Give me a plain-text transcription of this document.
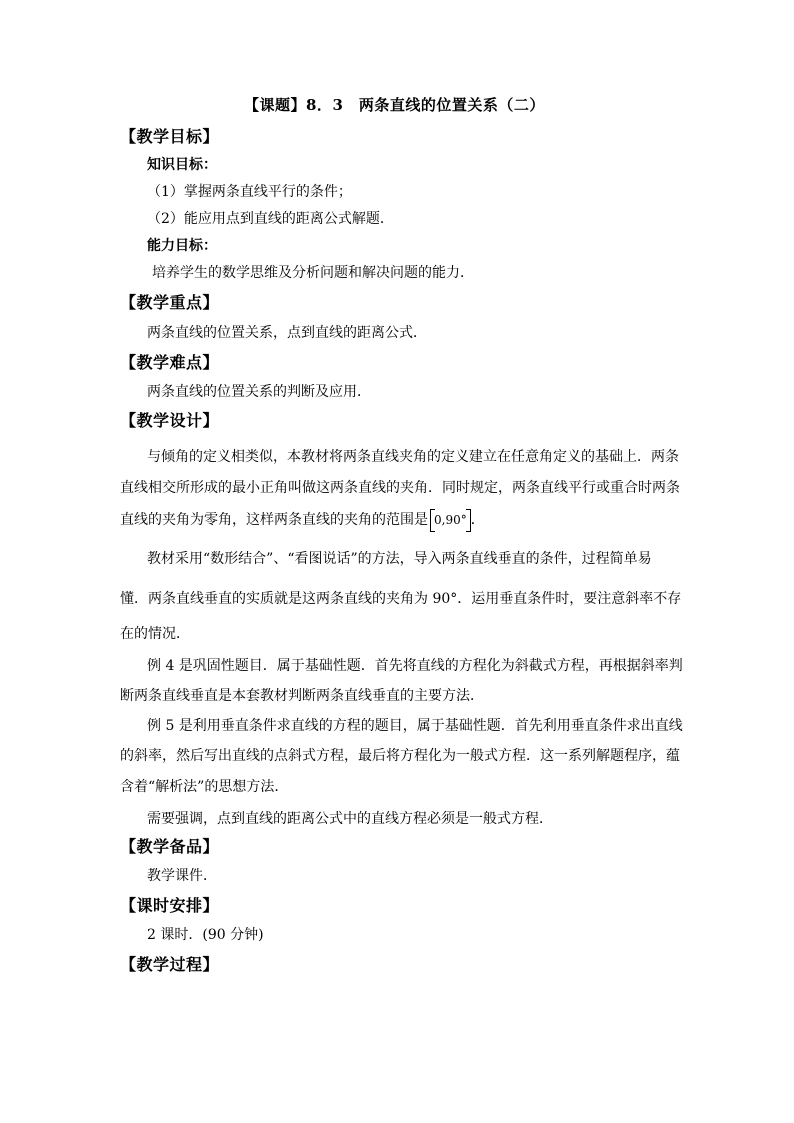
【课题】8．3　两条直线的位置关系（二）
【教学目标】
知识目标：
（1）掌握两条直线平行的条件；
（2）能应用点到直线的距离公式解题．
能力目标：
培养学生的数学思维及分析问题和解决问题的能力．
【教学重点】
两条直线的位置关系，点到直线的距离公式．
【教学难点】
两条直线的位置关系的判断及应用．
【教学设计】
与倾角的定义相类似，本教材将两条直线夹角的定义建立在任意角定义的基础上．两条
直线相交所形成的最小正角叫做这两条直线的夹角．同时规定，两条直线平行或重合时两条
直线的夹角为零角，这样两条直线的夹角的范围是 0,90° ．
教材采用“数形结合”、“看图说话”的方法，导入两条直线垂直的条件，过程简单易
懂．两条直线垂直的实质就是这两条直线的夹角为 90°．运用垂直条件时，要注意斜率不存
在的情况．
例 4 是巩固性题目．属于基础性题．首先将直线的方程化为斜截式方程，再根据斜率判
断两条直线垂直是本套教材判断两条直线垂直的主要方法．
例 5 是利用垂直条件求直线的方程的题目，属于基础性题．首先利用垂直条件求出直线
的斜率，然后写出直线的点斜式方程，最后将方程化为一般式方程．这一系列解题程序，蕴
含着“解析法”的思想方法．
需要强调，点到直线的距离公式中的直线方程必须是一般式方程．
【教学备品】
教学课件．
【课时安排】
2 课时．(90 分钟)
【教学过程】
